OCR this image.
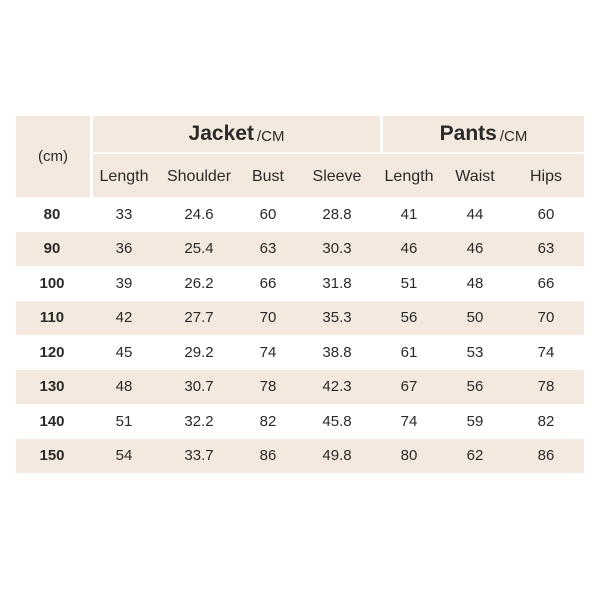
(cm)
Jacket /CM	Pants /CM
Length	Shoulder	Bust	Sleeve	Length	Waist	Hips
80	33	24.6	60	28.8	41	44	60
90	36	25.4	63	30.3	46	46	63
100	39	26.2	66	31.8	51	48	66
110	42	27.7	70	35.3	56	50	70
120	45	29.2	74	38.8	61	53	74
130	48	30.7	78	42.3	67	56	78
140	51	32.2	82	45.8	74	59	82
150	54	33.7	86	49.8	80	62	86
